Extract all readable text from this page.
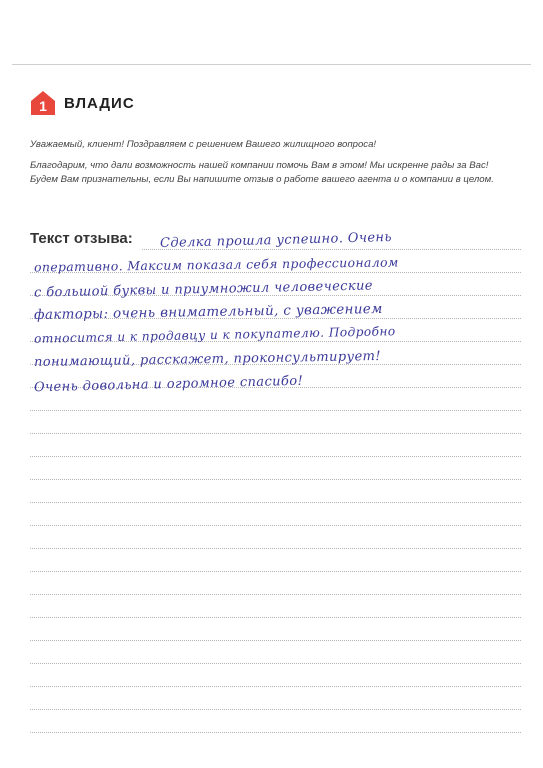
1 ВЛАДИС

Уважаемый, клиент! Поздравляем с решением Вашего жилищного вопроса!

Благодарим, что дали возможность нашей компании помочь Вам в этом! Мы искренне рады за Вас! Будем Вам признательны, если Вы напишите отзыв о работе вашего агента и о компании в целом.

Текст отзыва: Сделка прошла успешно. Очень
оперативно. Максим показал себя профессионалом
с большой буквы и приумножил человеческие
факторы: очень внимательный, с уважением
относится и к продавцу и к покупателю. Подробно
понимающий, расскажет, проконсультирует!
Очень довольна и огромное спасибо!
